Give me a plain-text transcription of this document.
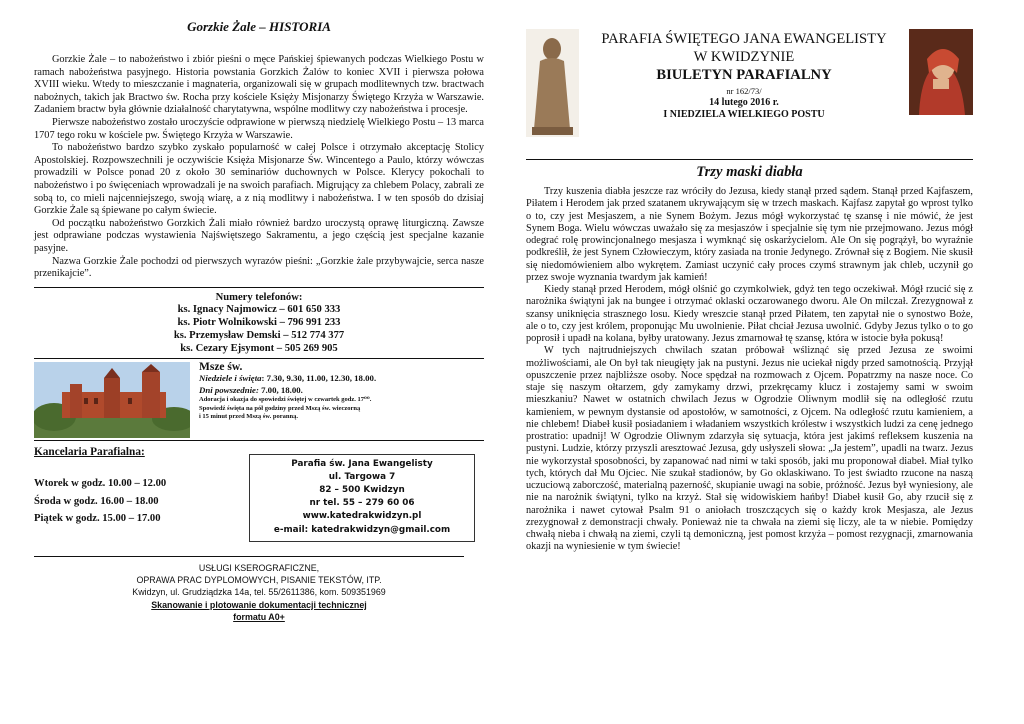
Gorzkie Żale – HISTORIA

Gorzkie Żale – to nabożeństwo i zbiór pieśni o męce Pańskiej śpiewanych podczas Wielkiego Postu w ramach nabożeństwa pasyjnego. Historia powstania Gorzkich Żalów to koniec XVII i pierwsza połowa XVIII wieku. Wtedy to mieszczanie i magnateria, organizowali się w grupach modlitewnych tzw. bractwach nabożnych, takich jak Bractwo św. Rocha przy kościele Księży Misjonarzy Świętego Krzyża w Warszawie. Zadaniem bractw była głównie działalność charytatywna, wspólne modlitwy czy nabożeństwa i procesje.

Pierwsze nabożeństwo zostało uroczyście odprawione w pierwszą niedzielę Wielkiego Postu – 13 marca 1707 tego roku w kościele pw. Świętego Krzyża w Warszawie.

To nabożeństwo bardzo szybko zyskało popularność w całej Polsce i otrzymało akceptację Stolicy Apostolskiej. Rozpowszechnili je oczywiście Księża Misjonarze Św. Wincentego a Paulo, którzy wówczas prowadzili w Polsce ponad 20 z około 30 seminariów duchownych w Polsce. Klerycy pokochali to nabożeństwo i po święceniach wprowadzali je na swoich parafiach. Migrujący za chlebem Polacy, zabrali ze sobą to, co mieli najcenniejszego, swoją wiarę, a z nią modlitwy i nabożeństwa. I w ten sposób do dzisiaj Gorzkie Żale są śpiewane po całym świecie.

Od początku nabożeństwo Gorzkich Żali miało również bardzo uroczystą oprawę liturgiczną. Zawsze jest odprawiane podczas wystawienia Najświętszego Sakramentu, a jego częścią jest specjalne kazanie pasyjne.

Nazwa Gorzkie Żale pochodzi od pierwszych wyrazów pieśni: „Gorzkie żale przybywajcie, serca nasze przenikajcie”.

Numery telefonów:
ks. Ignacy Najmowicz – 601 650 333
ks. Piotr Wolnikowski – 796 991 233
ks. Przemysław Demski – 512 774 377
ks. Cezary Ejsymont – 505 269 905
Msze św.
Niedziele i święta: 7.30, 9.30, 11.00, 12.30, 18.00.
Dni powszednie: 7.00, 18.00.
Adoracja i okazja do spowiedzi świętej w czwartek godz. 17⁰⁰.
Spowiedź święta na pół godziny przed Mszą św. wieczorną
i 15 minut przed Mszą św. poranną.
Kancelaria Parafialna:
Wtorek w godz. 10.00 – 12.00
Środa w godz. 16.00 – 18.00
Piątek w godz. 15.00 – 17.00
Parafia św. Jana Ewangelisty
ul. Targowa 7
82 – 500 Kwidzyn
nr tel. 55 – 279 60 06
www.katedrakwidzyn.pl
e-mail: katedrakwidzyn@gmail.com
USŁUGI KSEROGRAFICZNE,
OPRAWA PRAC DYPLOMOWYCH, PISANIE TEKSTÓW, ITP.
Kwidzyn, ul. Grudziądzka 14a, tel. 55/2611386, kom. 509351969
Skanowanie i plotowanie dokumentacji technicznej
formatu A0+
PARAFIA ŚWIĘTEGO JANA EWANGELISTY
W KWIDZYNIE
BIULETYN PARAFIALNY
nr 162/73/
14 lutego 2016 r.
I NIEDZIELA WIELKIEGO POSTU
Trzy maski diabła

Trzy kuszenia diabła jeszcze raz wróciły do Jezusa, kiedy stanął przed sądem. Stanął przed Kajfaszem, Piłatem i Herodem jak przed szatanem ukrywającym się w trzech maskach. Kajfasz zapytał go wprost tylko o to, czy jest Mesjaszem, a nie Synem Bożym. Jezus mógł wykorzystać tę szansę i nie mówić, że jest Synem Boga. Wielu wówczas uważało się za mesjaszów i specjalnie się tym nie przejmowano. Jezus mógł odegrać rolę prowincjonalnego mesjasza i wymknąć się oskarżycielom. Ale On się pogrążył, bo wyraźnie podkreślił, że jest Synem Człowieczym, który zasiada na tronie Jedynego. Zrównał się z Bogiem. Nie skusił się niedomówieniem albo wykrętem. Zamiast uczynić cały proces czymś strawnym jak chleb, uczynił go przez swoje wyznania twardym jak kamień!

Kiedy stanął przed Herodem, mógł olśnić go czymkolwiek, gdyż ten tego oczekiwał. Mógł rzucić się z narożnika świątyni jak na bungee i otrzymać oklaski oczarowanego dworu. Ale On milczał. Zrezygnował z szansy uniknięcia strasznego losu. Kiedy wreszcie stanął przed Piłatem, ten zapytał nie o synostwo Boże, ale o to, czy jest królem, proponując Mu uwolnienie. Piłat chciał Jezusa uwolnić. Gdyby Jezus tylko o to go poprosił i upadł na kolana, byłby uratowany. Jezus zmarnował tę szansę, która w istocie była pokusą!

W tych najtrudniejszych chwilach szatan próbował wśliznąć się przed Jezusa ze swoimi możliwościami, ale On był tak nieugięty jak na pustyni. Jezus nie uciekał nigdy przed samotnością. Przyjął opuszczenie przez najbliższe osoby. Noce spędzał na rozmowach z Ojcem. Popatrzmy na nasze noce. Co staje się naszym ołtarzem, gdy zamykamy drzwi, przekręcamy klucz i zostajemy sami w swoim mieszkaniu? Nawet w ostatnich chwilach Jezus w Ogrodzie Oliwnym modlił się na odległość rzutu kamieniem, w pewnym dystansie od apostołów, w samotności, z Ojcem. Na odległość rzutu kamieniem, a nie chlebem! Diabeł kusił posiadaniem i władaniem wszystkich królestw i wszystkich ludzi za cenę jednego prostratio: upadnij! W Ogrodzie Oliwnym zdarzyła się sytuacja, która jest jakimś refleksem kuszenia na pustyni. Ludzie, którzy przyszli aresztować Jezusa, gdy usłyszeli słowa: „Ja jestem”, upadli na twarz. Jezus nie wykorzystał sposobności, by zapanować nad nimi w taki sposób, jaki mu proponował diabeł. Miał tylko tych, których dał Mu Ojciec. Nie szukał stadionów, by Go oklaskiwano. To jest świadto rzucone na naszą uczuciową zaborczość, materialną pazerność, skupianie uwagi na sobie, próżność. Jezus był wyniesiony, ale nie na narożnik świątyni, tylko na krzyż. Stał się widowiskiem hańby! Diabeł kusił Go, aby rzucił się z narożnika i nawet cytował Psalm 91 o aniołach troszczących się o każdy krok Mesjasza, ale Jezus zrezygnował z demonstracji chwały. Ponieważ nie ta chwała na ziemi się liczy, ale ta w niebie. Pomiędzy chwałą nieba i chwałą na ziemi, czyli tą demoniczną, jest pomost krzyża – pomost rezygnacji, zmarnowania okazji na wyniesienie w tym świecie!
